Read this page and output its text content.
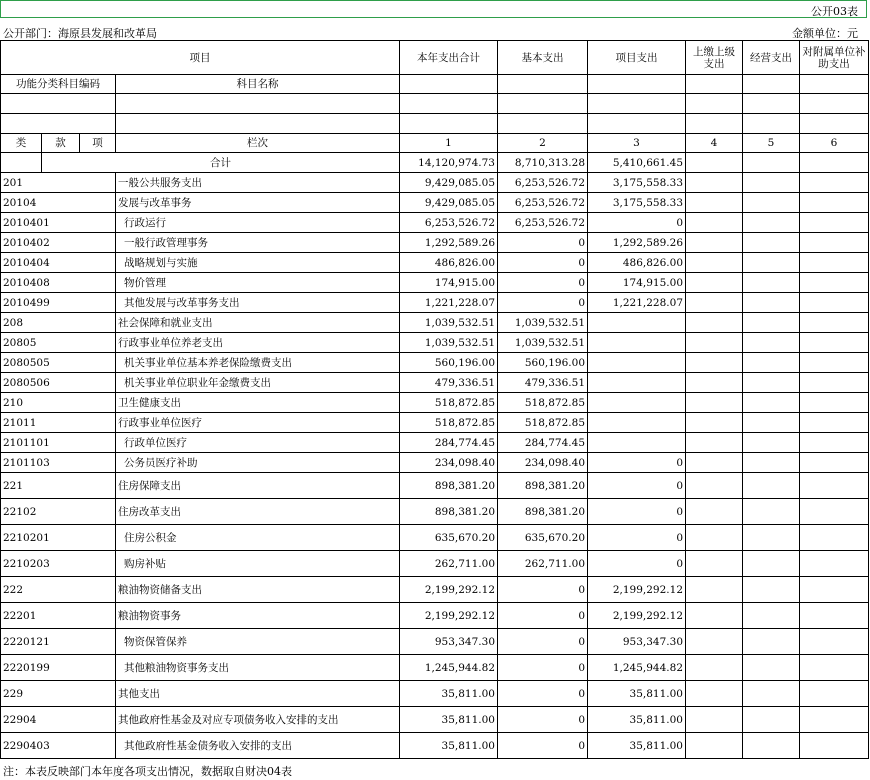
公开03表
公开部门：海原县发展和改革局	金额单位：元
项目				本年支出合计	基本支出	项目支出	上缴上级支出	经营支出	对附属单位补助支出
功能分类科目编码			科目名称						

类	款	项	栏次	1	2	3	4	5	6
	合计			14,120,974.73	8,710,313.28	5,410,661.45			
201			一般公共服务支出	9,429,085.05	6,253,526.72	3,175,558.33			
20104			发展与改革事务	9,429,085.05	6,253,526.72	3,175,558.33			
2010401			行政运行	6,253,526.72	6,253,526.72	0			
2010402			一般行政管理事务	1,292,589.26	0	1,292,589.26			
2010404			战略规划与实施	486,826.00	0	486,826.00			
2010408			物价管理	174,915.00	0	174,915.00			
2010499			其他发展与改革事务支出	1,221,228.07	0	1,221,228.07			
208			社会保障和就业支出	1,039,532.51	1,039,532.51				
20805			行政事业单位养老支出	1,039,532.51	1,039,532.51				
2080505			机关事业单位基本养老保险缴费支出	560,196.00	560,196.00				
2080506			机关事业单位职业年金缴费支出	479,336.51	479,336.51				
210			卫生健康支出	518,872.85	518,872.85				
21011			行政事业单位医疗	518,872.85	518,872.85				
2101101			行政单位医疗	284,774.45	284,774.45				
2101103			公务员医疗补助	234,098.40	234,098.40	0			
221			住房保障支出	898,381.20	898,381.20	0			
22102			住房改革支出	898,381.20	898,381.20	0			
2210201			住房公积金	635,670.20	635,670.20	0			
2210203			购房补贴	262,711.00	262,711.00	0			
222			粮油物资储备支出	2,199,292.12	0	2,199,292.12			
22201			粮油物资事务	2,199,292.12	0	2,199,292.12			
2220121			物资保管保养	953,347.30	0	953,347.30			
2220199			其他粮油物资事务支出	1,245,944.82	0	1,245,944.82			
229			其他支出	35,811.00	0	35,811.00			
22904			其他政府性基金及对应专项债务收入安排的支出	35,811.00	0	35,811.00			
2290403			其他政府性基金债务收入安排的支出	35,811.00	0	35,811.00			
注：本表反映部门本年度各项支出情况，数据取自财决04表
